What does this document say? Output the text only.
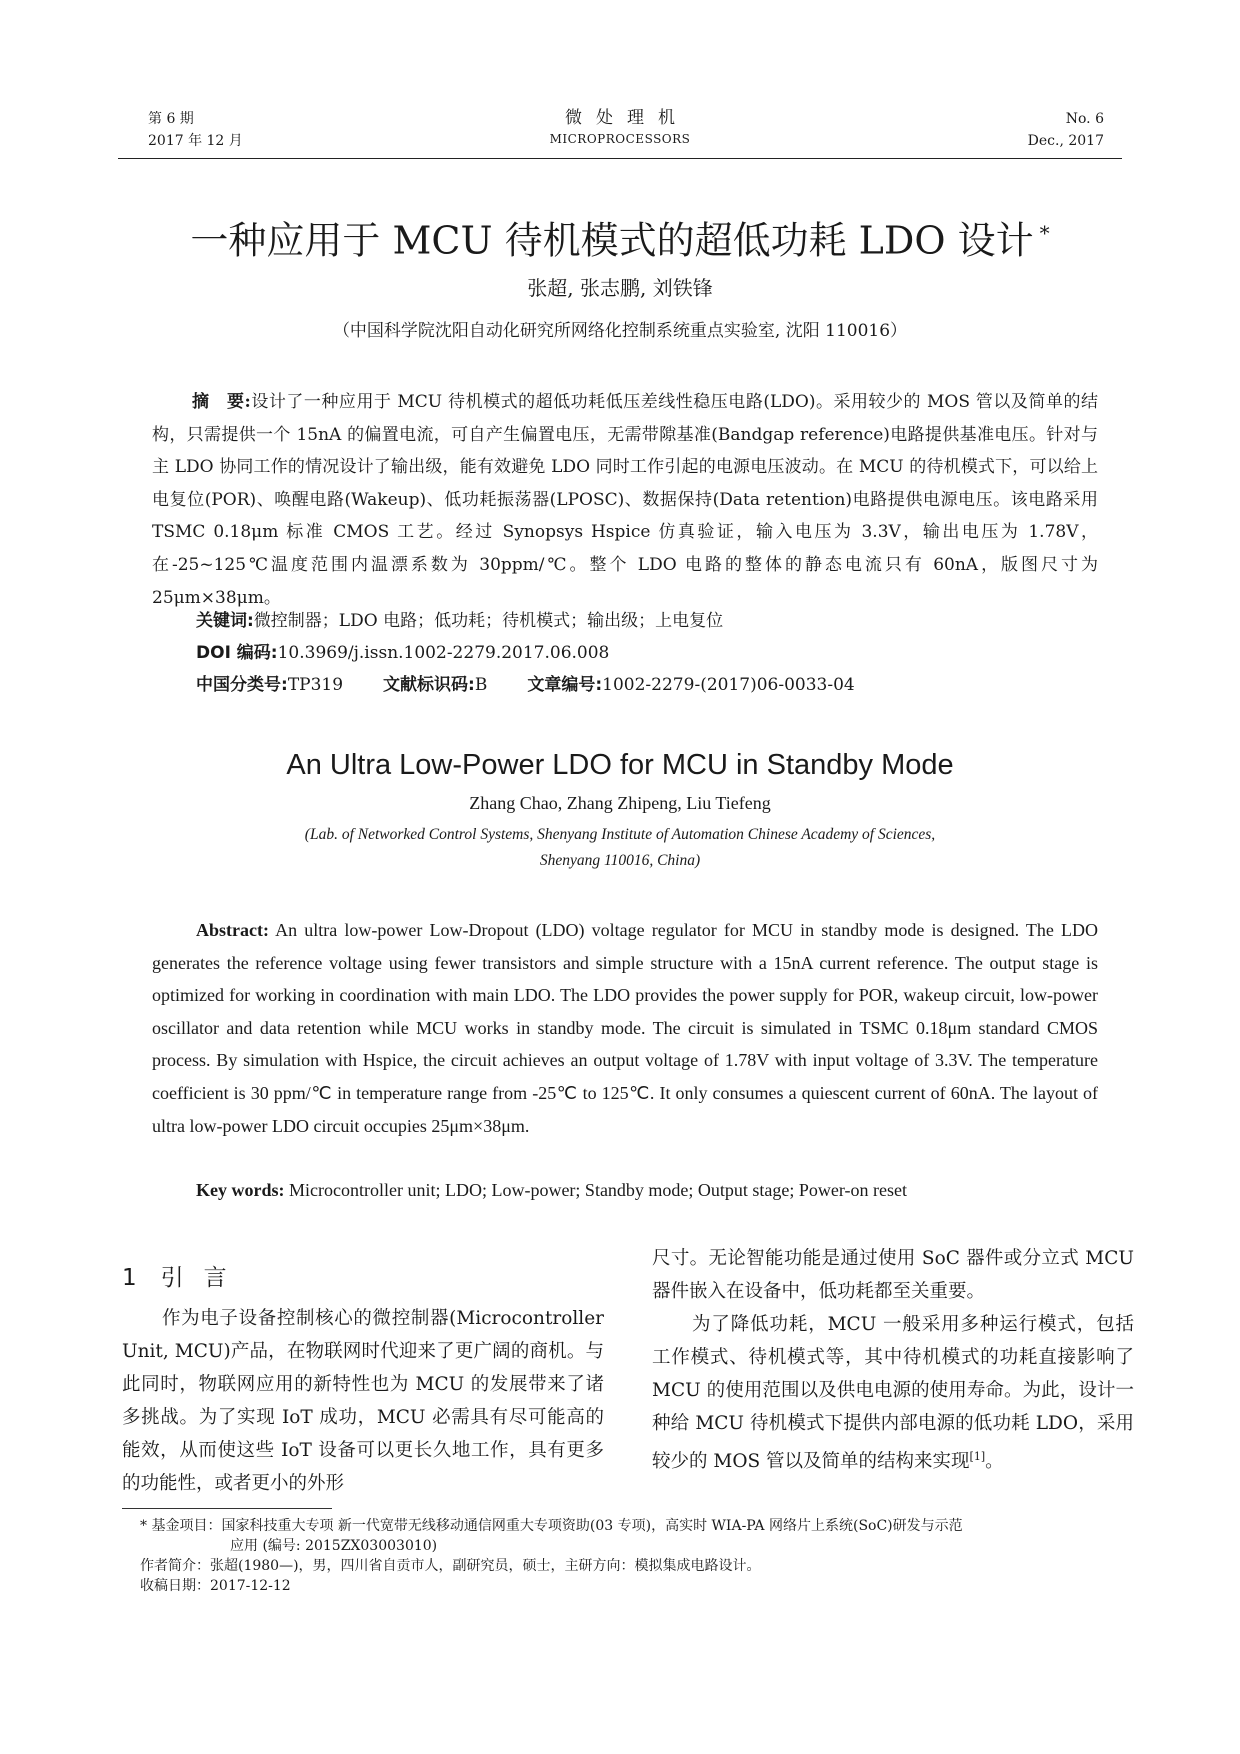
第 6 期
2017 年 12 月
微处理机
MICROPROCESSORS
No. 6
Dec., 2017
一种应用于 MCU 待机模式的超低功耗 LDO 设计 *
张超, 张志鹏, 刘铁锋
（中国科学院沈阳自动化研究所网络化控制系统重点实验室, 沈阳 110016）
摘　要:设计了一种应用于 MCU 待机模式的超低功耗低压差线性稳压电路(LDO)。采用较少的 MOS 管以及简单的结构，只需提供一个 15nA 的偏置电流，可自产生偏置电压，无需带隙基准(Bandgap reference)电路提供基准电压。针对与主 LDO 协同工作的情况设计了输出级，能有效避免 LDO 同时工作引起的电源电压波动。在 MCU 的待机模式下，可以给上电复位(POR)、唤醒电路(Wakeup)、低功耗振荡器(LPOSC)、数据保持(Data retention)电路提供电源电压。该电路采用 TSMC 0.18μm 标准 CMOS 工艺。经过 Synopsys Hspice 仿真验证，输入电压为 3.3V，输出电压为 1.78V，在-25~125℃温度范围内温漂系数为 30ppm/℃。整个 LDO 电路的整体的静态电流只有 60nA，版图尺寸为 25μm×38μm。
关键词:微控制器；LDO 电路；低功耗；待机模式；输出级；上电复位
DOI 编码:10.3969/j.issn.1002-2279.2017.06.008
中国分类号:TP319 文献标识码:B 文章编号:1002-2279-(2017)06-0033-04
An Ultra Low-Power LDO for MCU in Standby Mode
Zhang Chao, Zhang Zhipeng, Liu Tiefeng
(Lab. of Networked Control Systems, Shenyang Institute of Automation Chinese Academy of Sciences,
Shenyang 110016, China)
Abstract: An ultra low-power Low-Dropout (LDO) voltage regulator for MCU in standby mode is designed. The LDO generates the reference voltage using fewer transistors and simple structure with a 15nA current reference. The output stage is optimized for working in coordination with main LDO. The LDO provides the power supply for POR, wakeup circuit, low-power oscillator and data retention while MCU works in standby mode. The circuit is simulated in TSMC 0.18μm standard CMOS process. By simulation with Hspice, the circuit achieves an output voltage of 1.78V with input voltage of 3.3V. The temperature coefficient is 30 ppm/℃ in temperature range from -25℃ to 125℃. It only consumes a quiescent current of 60nA. The layout of ultra low-power LDO circuit occupies 25μm×38μm.
Key words: Microcontroller unit; LDO; Low-power; Standby mode; Output stage; Power-on reset
1 引言
作为电子设备控制核心的微控制器(Microcontroller Unit, MCU)产品，在物联网时代迎来了更广阔的商机。与此同时，物联网应用的新特性也为 MCU 的发展带来了诸多挑战。为了实现 IoT 成功，MCU 必需具有尽可能高的能效，从而使这些 IoT 设备可以更长久地工作，具有更多的功能性，或者更小的外形

尺寸。无论智能功能是通过使用 SoC 器件或分立式 MCU 器件嵌入在设备中，低功耗都至关重要。

为了降低功耗，MCU 一般采用多种运行模式，包括工作模式、待机模式等，其中待机模式的功耗直接影响了 MCU 的使用范围以及供电电源的使用寿命。为此，设计一种给 MCU 待机模式下提供内部电源的低功耗 LDO，采用较少的 MOS 管以及简单的结构来实现[1]。

* 基金项目：国家科技重大专项 新一代宽带无线移动通信网重大专项资助(03 专项)，高实时 WIA-PA 网络片上系统(SoC)研发与示范
应用 (编号: 2015ZX03003010)
作者简介：张超(1980—)，男，四川省自贡市人，副研究员，硕士，主研方向：模拟集成电路设计。
收稿日期：2017-12-12
